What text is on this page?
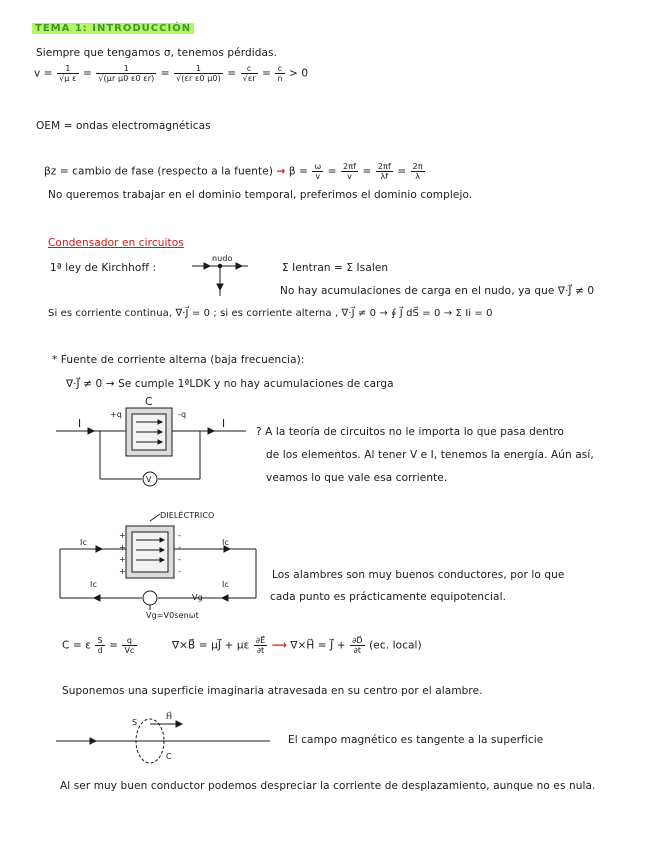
TEMA 1: INTRODUCCIÓN
Siempre que tengamos σ, tenemos pérdidas.
$v = \frac{1}{\text{√μ ε}} = \frac{1}{\text{√(μr μ0 ε0 εr)}} = \frac{1}{\text{√(εr ε0 μ0)}} = \frac{c}{√\varepsilon r} = \frac{c}{n} > 0$
OEM = ondas electromagnéticas
βz = cambio de fase (respecto a la fuente) → $\beta = \frac{\omega}{v} = \frac{2\pi f}{v} = \frac{2\pi f}{\lambda f} = \frac{2\pi}{\lambda}$
No queremos trabajar en el dominio temporal, preferimos el dominio complejo.
Condensador en circuitos
1ª ley de Kirchhoff :
nudo
Σ Ientran = Σ Isalen
No hay acumulaciones de carga en el nudo, ya que ∇·J⃗ ≠ 0
Si es corriente continua, ∇·J⃗ = 0 ; si es corriente alterna , ∇·J⃗ ≠ 0 → ∮ J⃗ dS⃗ = 0 → Σ Ii = 0
* Fuente de corriente alterna (baja frecuencia):
∇·J⃗ ≠ 0 → Se cumple 1ªLDK y no hay acumulaciones de carga
C
+q	-q
I	I
V
? A la teoría de circuitos no le importa lo que pasa dentro
de los elementos. Al tener V e I, tenemos la energía. Aún así,
veamos lo que vale esa corriente.
DIELÉCTRICO
Ic	Ic
Ic	Ic
Vg
Vg=V0senωt
Los alambres son muy buenos conductores, por lo que
cada punto es prácticamente equipotencial.
C = ε $\frac{S}{d} = \frac{q}{Vc}$	∇×B⃗ = μJ⃗ + με $\frac{\partial E⃗}{\partial t}$ ⟶ ∇×H⃗ = J⃗ + $\frac{\partial D⃗}{\partial t} (ec$. local)
Suponemos una superficie imaginaria atravesada en su centro por el alambre.
H⃗
S
C
El campo magnético es tangente a la superficie
Al ser muy buen conductor podemos despreciar la corriente de desplazamiento, aunque no es nula.
+
+
+
+
-
-
-
-
